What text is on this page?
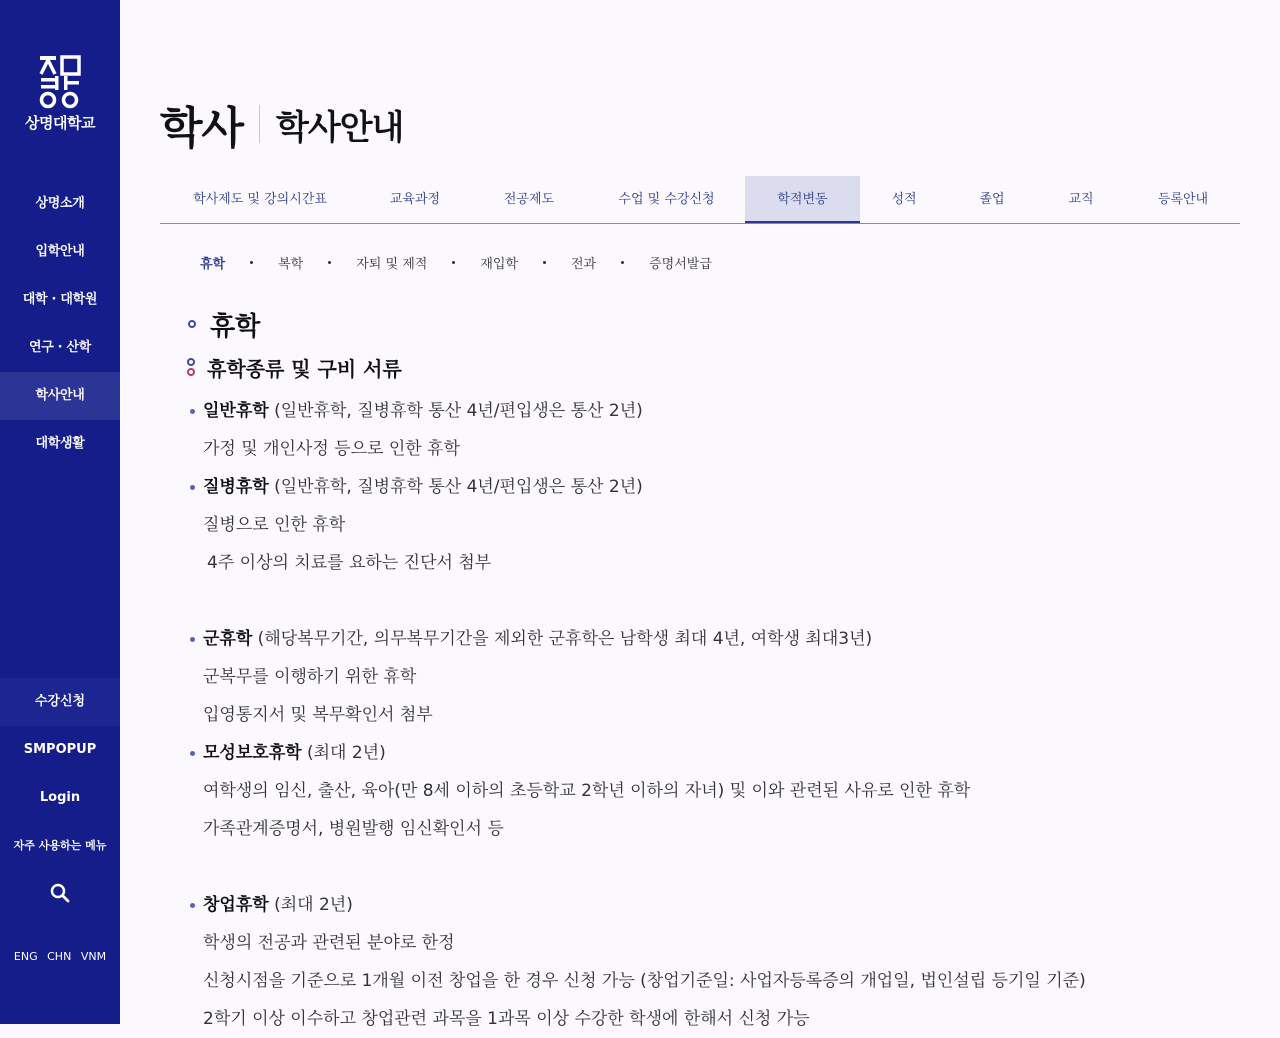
상명대학교
상명소개
입학안내
대학 · 대학원
연구 · 산학
학사안내
대학생활
수강신청
SMPOPUP
Login
자주 사용하는 메뉴
ENG CHN VNM
학사 학사안내
학사제도 및 강의시간표	교육과정	전공제도	수업 및 수강신청	학적변동	성적	졸업	교직	등록안내
휴학	복학	자퇴 및 제적	재입학	전과	증명서발급
휴학
휴학종류 및 구비 서류
일반휴학 (일반휴학, 질병휴학 통산 4년/편입생은 통산 2년)
가정 및 개인사정 등으로 인한 휴학
질병휴학 (일반휴학, 질병휴학 통산 4년/편입생은 통산 2년)
질병으로 인한 휴학
4주 이상의 치료를 요하는 진단서 첨부
군휴학 (해당복무기간, 의무복무기간을 제외한 군휴학은 남학생 최대 4년, 여학생 최대3년)
군복무를 이행하기 위한 휴학
입영통지서 및 복무확인서 첨부
모성보호휴학 (최대 2년)
여학생의 임신, 출산, 육아(만 8세 이하의 초등학교 2학년 이하의 자녀) 및 이와 관련된 사유로 인한 휴학
가족관계증명서, 병원발행 임신확인서 등
창업휴학 (최대 2년)
학생의 전공과 관련된 분야로 한정
신청시점을 기준으로 1개월 이전 창업을 한 경우 신청 가능 (창업기준일: 사업자등록증의 개업일, 법인설립 등기일 기준)
2학기 이상 이수하고 창업관련 과목을 1과목 이상 수강한 학생에 한해서 신청 가능
